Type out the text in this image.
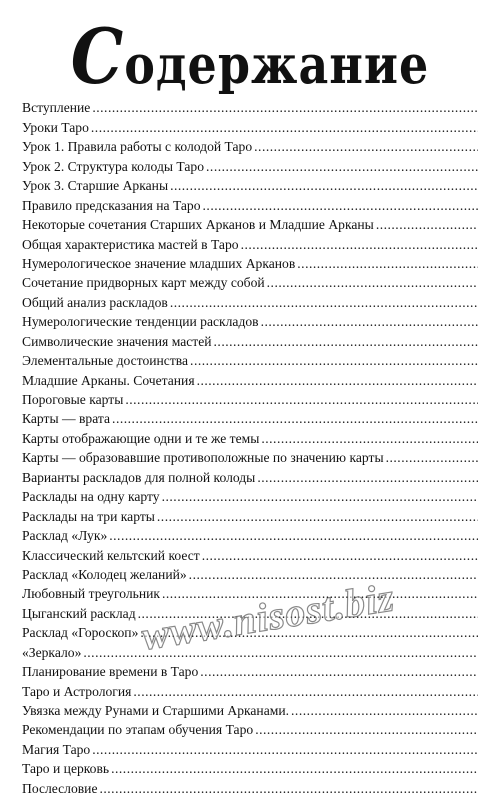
Содержание
Вступление
.....
Уроки Таро
.....
Урок 1. Правила работы с колодой Таро
.....
Урок 2. Структура колоды Таро
.....
Урок 3. Старшие Арканы
.....
Правило предсказания на Таро
.....
Некоторые сочетания Старших Арканов и Младшие Арканы
.....
Общая характеристика мастей в Таро
.....
Нумерологическое значение младших Арканов
.....
Сочетание придворных карт между собой
.....
Общий анализ раскладов
.....
Нумерологические тенденции раскладов
.....
Символические значения мастей
.....
Элементальные достоинства
.....
Младшие Арканы. Сочетания
.....
Пороговые карты
.....
Карты — врата
.....
Карты отображающие одни и те же темы
.....
Карты — образовавшие противоположные по значению карты
.....
Варианты раскладов для полной колоды
.....
Расклады на одну карту
.....
Расклады на три карты
.....
Расклад «Лук»
.....
Классический кельтский коест
.....
Расклад «Колодец желаний»
.....
Любовный треугольник
.....
Цыганский расклад
.....
Расклад «Гороскоп»
.....
«Зеркало»
.....
Планирование времени в Таро
.....
Таро и Астрология
.....
Увязка между Рунами и Старшими Арканами.
.....
Рекомендации по этапам обучения Таро
.....
Магия Таро
.....
Таро и церковь
.....
Послесловие
.....
www.nisost.biz
